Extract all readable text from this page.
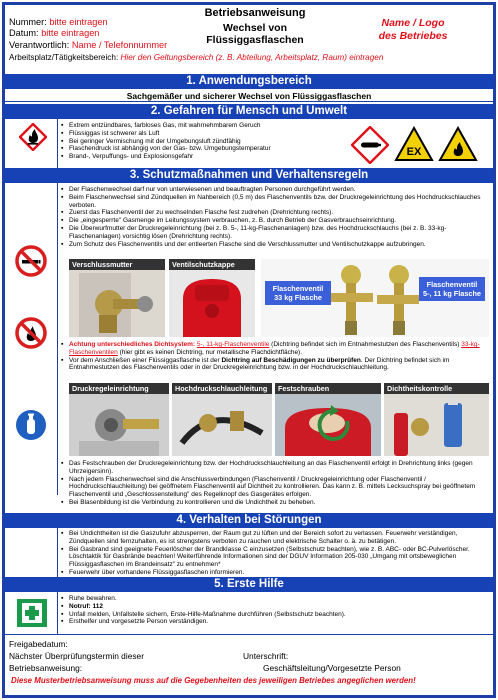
Nummer: bitte eintragen
Datum: bitte eintragen
Verantwortlich: Name / Telefonnummer
Arbeitsplatz/Tätigkeitsbereich: Hier den Geltungsbereich (z. B. Abteilung, Arbeitsplatz, Raum) eintragen
Betriebsanweisung
Wechsel von
Flüssiggasflaschen
Name / Logo
des Betriebes
1. Anwendungsbereich
Sachgemäßer und sicherer Wechsel von Flüssiggasflaschen
2. Gefahren für Mensch und Umwelt
▪ Extrem entzündbares, farbloses Gas, mit wahrnehmbarem Geruch
▪ Flüssiggas ist schwerer als Luft
▪ Bei geringer Vermischung mit der Umgebungsluft zündfähig
▪ Flaschendruck ist abhängig von der Gas- bzw. Umgebungstemperatur
▪ Brand-, Verpuffungs- und Explosionsgefahr	EX
3. Schutzmaßnahmen und Verhaltensregeln
▪ Der Flaschenwechsel darf nur von unterwiesenen und beauftragten Personen durchgeführt werden.
▪ Beim Flaschenwechsel sind Zündquellen im Nahbereich (0,5 m) des Flaschenventils bzw. der Druckregeleinrichtung des Hochdruckschlauches verboten.
▪ Zuerst das Flaschenventil der zu wechselnden Flasche fest zudrehen (Drehrichtung rechts).
▪ Die „eingesperrte" Gasmenge im Leitungssystem verbrauchen, z. B. durch Betrieb der Gasverbrauchseinrichtung.
▪ Die Überwurfmutter der Druckregeleinrichtung (bei z. B. 5-, 11-kg-Flaschenanlagen) bzw. des Hochdruckschlauchs (bei z. B. 33-kg-Flaschenanlagen) vorsichtig lösen (Drehrichtung rechts).
▪ Zum Schutz des Flaschenventils und der entleerten Flasche sind die Verschlussmutter und Ventilschutzkappe aufzubringen.
Verschlussmutter	Ventilschutzkappe
Flaschenventil
33 kg Flasche
Flaschenventil
5-, 11 kg Flasche
▪ Achtung unterschiedliches Dichtsystem: 5-, 11-kg-Flaschenventile (Dichtring befindet sich im Entnahmestutzen des Flaschenventils) 33-kg-Flaschenventilen (hier gibt es keinen Dichtring, nur metallische Flachdichtfläche).
▪ Vor dem Anschließen einer Flüssiggasflasche ist der Dichtring auf Beschädigungen zu überprüfen. Der Dichtring befindet sich im Entnahmestutzen des Flaschenventils oder in der Druckregeleinrichtung bzw. in der Hochdruckschlauchleitung.
Druckregeleinrichtung	Hochdruckschlauchleitung	Festschrauben	Dichtheitskontrolle
▪ Das Festschrauben der Druckregeleinrichtung bzw. der Hochdruckschlauchleitung an das Flaschenventil erfolgt in Drehrichtung links (gegen Uhrzeigersinn).
▪ Nach jedem Flaschenwechsel sind die Anschlussverbindungen (Flaschenventil / Druckregeleinrichtung oder Flaschenventil / Hochdruckschlauchleitung) bei geöffnetem Flaschenventil auf Dichtheit zu kontrollieren. Das kann z. B. mittels Lecksuchspray bei geöffnetem Flaschenventil und „Geschlossenstellung" des Regelknopf des Gasgerätes erfolgen.
▪ Bei Blasenbildung ist die Verbindung zu kontrollieren und die Undichtheit zu beheben.
4. Verhalten bei Störungen
▪ Bei Undichtheiten ist die Gaszufuhr abzusperren, der Raum gut zu lüften und der Bereich sofort zu verlassen. Feuerwehr verständigen, Zündquellen sind fernzuhalten, es ist strengstens verboten zu rauchen und elektrische Schalter o. ä. zu betätigen.
▪ Bei Gasbrand sind geeignete Feuerlöscher der Brandklasse C einzusetzen (Selbstschutz beachten), wie z. B. ABC- oder BC-Pulverlöscher. Löschtaktik für Gasbrände beachten! Weiterführende Informationen sind der DGUV Information 205-030 „Umgang mit ortsbeweglichen Flüssiggasflaschen im Brandeinsatz" zu entnehmen*
▪ Feuerwehr über vorhandene Flüssiggasflaschen informieren.
5. Erste Hilfe
▪ Ruhe bewahren.
▪ Notruf: 112
▪ Unfall melden, Unfallstelle sichern, Erste-Hilfe-Maßnahme durchführen (Selbstschutz beachten).
▪ Ersthelfer und vorgesetzte Person verständigen.
Freigabedatum:
Nächster Überprüfungstermin dieser
Betriebsanweisung:
Unterschrift:
Geschäftsleitung/Vorgesetzte Person
Diese Musterbetriebsanweisung muss auf die Gegebenheiten des jeweiligen Betriebes angeglichen werden!
